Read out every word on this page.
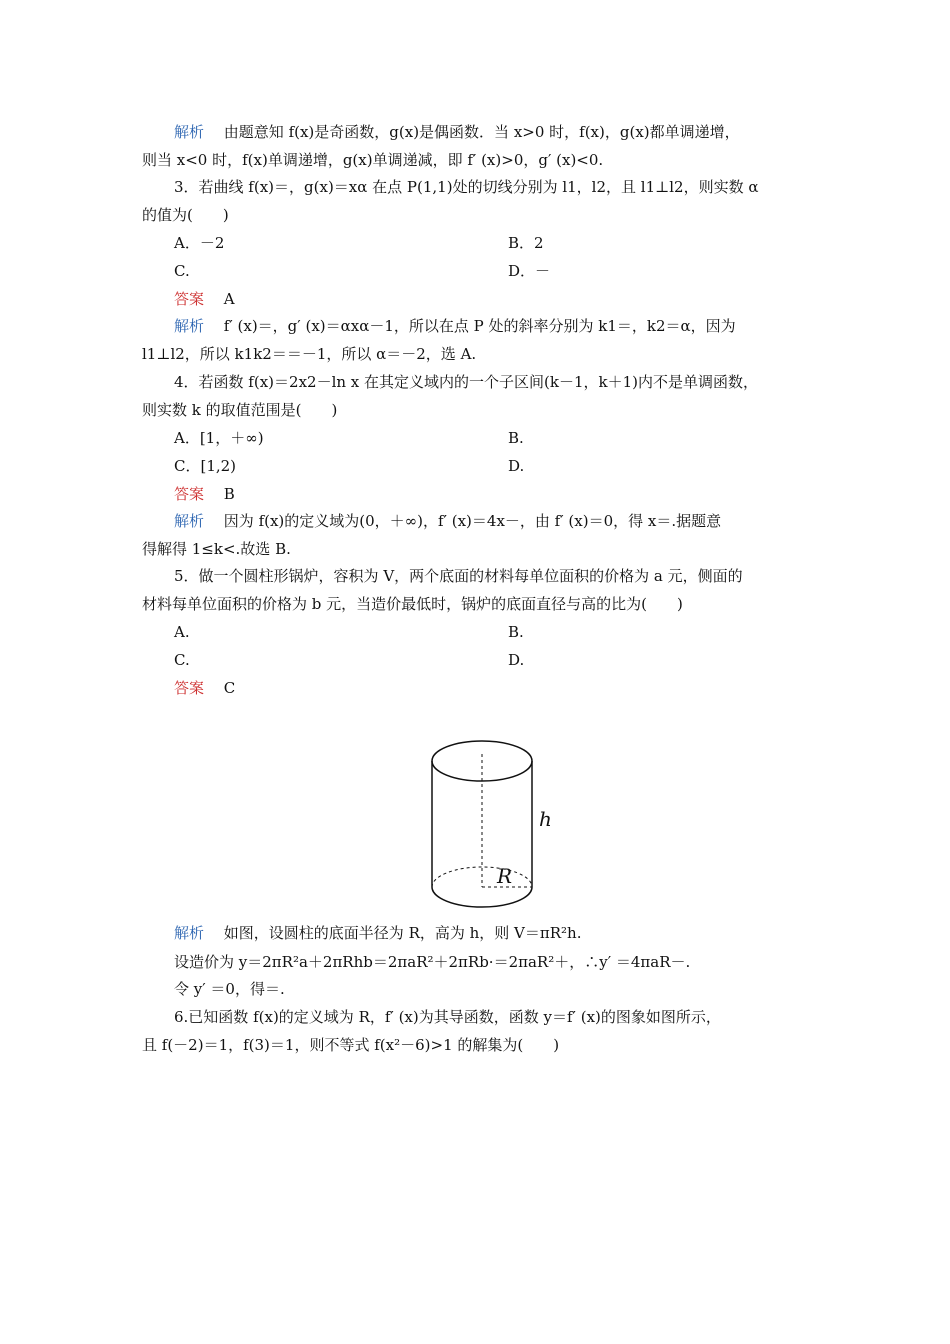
解析　 由题意知 f(x)是奇函数，g(x)是偶函数．当 x>0 时，f(x)，g(x)都单调递增，
则当 x<0 时，f(x)单调递增，g(x)单调递减，即 f′ (x)>0，g′ (x)<0.
3．若曲线 f(x)＝，g(x)＝xα 在点 P(1,1)处的切线分别为 l1，l2，且 l1⊥l2，则实数 α
的值为(　　)
A．－2	B．2
C.	D．－
答案　 A
解析　 f′ (x)＝，g′ (x)＝αxα－1，所以在点 P 处的斜率分别为 k1＝，k2＝α，因为
l1⊥l2，所以 k1k2＝＝－1，所以 α＝－2，选 A.
4．若函数 f(x)＝2x2－ln x 在其定义域内的一个子区间(k－1，k＋1)内不是单调函数，
则实数 k 的取值范围是(　　)
A．[1，＋∞)	B.
C．[1,2)	D.
答案　 B
解析　 因为 f(x)的定义域为(0，＋∞)，f′ (x)＝4x－，由 f′ (x)＝0，得 x＝.据题意
得解得 1≤k<.故选 B.
5．做一个圆柱形锅炉，容积为 V，两个底面的材料每单位面积的价格为 a 元，侧面的
材料每单位面积的价格为 b 元，当造价最低时，锅炉的底面直径与高的比为(　　)
A.	B.
C.	D.
答案　 C
h
R
解析　 如图，设圆柱的底面半径为 R，高为 h，则 V＝πR²h.
设造价为 y＝2πR²a＋2πRhb＝2πaR²＋2πRb·＝2πaR²＋，∴y′ ＝4πaR－.
令 y′ ＝0，得＝.
6.已知函数 f(x)的定义域为 R，f′ (x)为其导函数，函数 y＝f′ (x)的图象如图所示，
且 f(－2)＝1，f(3)＝1，则不等式 f(x²－6)>1 的解集为(　　)
